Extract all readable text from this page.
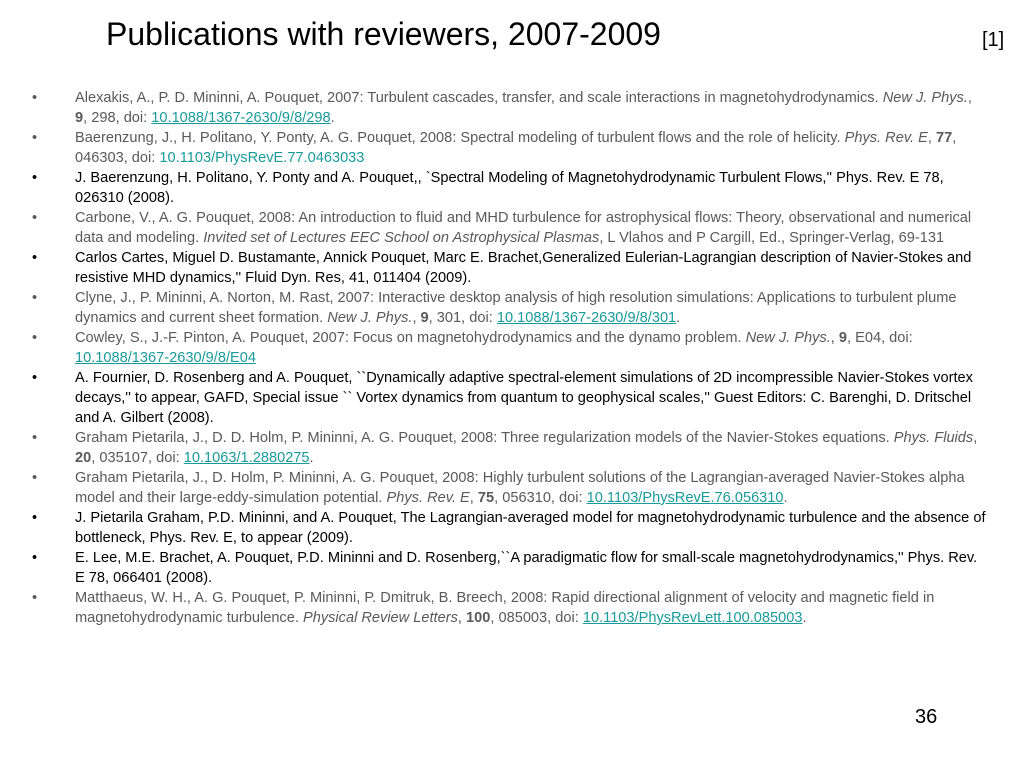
Publications with reviewers, 2007-2009	[1]
•	Alexakis, A., P. D. Mininni, A. Pouquet, 2007: Turbulent cascades, transfer, and scale interactions in magnetohydrodynamics. New J. Phys., 9, 298, doi: 10.1088/1367-2630/9/8/298.
•	Baerenzung, J., H. Politano, Y. Ponty, A. G. Pouquet, 2008: Spectral modeling of turbulent flows and the role of helicity. Phys. Rev. E, 77, 046303, doi: 10.1103/PhysRevE.77.0463033
•	J. Baerenzung, H. Politano, Y. Ponty and A. Pouquet,, `Spectral Modeling of Magnetohydrodynamic Turbulent Flows,'' Phys. Rev. E 78, 026310 (2008).
•	Carbone, V., A. G. Pouquet, 2008: An introduction to fluid and MHD turbulence for astrophysical flows: Theory, observational and numerical data and modeling. Invited set of Lectures EEC School on Astrophysical Plasmas, L Vlahos and P Cargill, Ed., Springer-Verlag, 69-131
•	Carlos Cartes, Miguel D. Bustamante, Annick Pouquet, Marc E. Brachet,Generalized Eulerian-Lagrangian description of Navier-Stokes and resistive MHD dynamics,'' Fluid Dyn. Res, 41, 011404 (2009).
•	Clyne, J., P. Mininni, A. Norton, M. Rast, 2007: Interactive desktop analysis of high resolution simulations: Applications to turbulent plume dynamics and current sheet formation. New J. Phys., 9, 301, doi: 10.1088/1367-2630/9/8/301.
•	Cowley, S., J.-F. Pinton, A. Pouquet, 2007: Focus on magnetohydrodynamics and the dynamo problem. New J. Phys., 9, E04, doi: 10.1088/1367-2630/9/8/E04
•	A. Fournier, D. Rosenberg and A. Pouquet, ``Dynamically adaptive spectral-element simulations of 2D incompressible Navier-Stokes vortex decays,'' to appear, GAFD, Special issue `` Vortex dynamics from quantum to geophysical scales,'' Guest Editors: C. Barenghi, D. Dritschel and A. Gilbert (2008).
•	Graham Pietarila, J., D. D. Holm, P. Mininni, A. G. Pouquet, 2008: Three regularization models of the Navier-Stokes equations. Phys. Fluids, 20, 035107, doi: 10.1063/1.2880275.
•	Graham Pietarila, J., D. Holm, P. Mininni, A. G. Pouquet, 2008: Highly turbulent solutions of the Lagrangian-averaged Navier-Stokes alpha model and their large-eddy-simulation potential. Phys. Rev. E, 75, 056310, doi: 10.1103/PhysRevE.76.056310.
•	J. Pietarila Graham, P.D. Mininni, and A. Pouquet, The Lagrangian-averaged model for magnetohydrodynamic turbulence and the absence of bottleneck, Phys. Rev. E, to appear (2009).
•	E. Lee, M.E. Brachet, A. Pouquet, P.D. Mininni and D. Rosenberg,``A paradigmatic flow for small-scale magnetohydrodynamics,'' Phys. Rev. E 78, 066401 (2008).
•	Matthaeus, W. H., A. G. Pouquet, P. Mininni, P. Dmitruk, B. Breech, 2008: Rapid directional alignment of velocity and magnetic field in magnetohydrodynamic turbulence. Physical Review Letters, 100, 085003, doi: 10.1103/PhysRevLett.100.085003.
36
